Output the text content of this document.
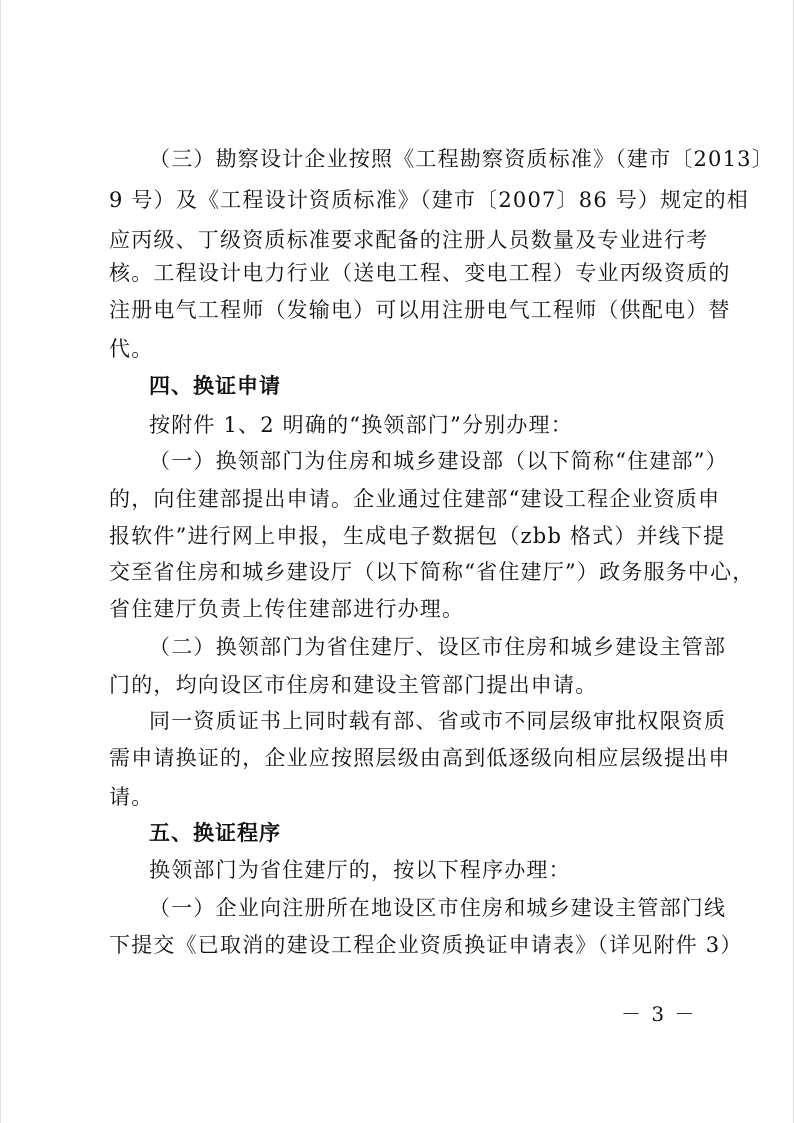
（三）勘察设计企业按照《工程勘察资质标准》（建市〔2013〕
9 号）及《工程设计资质标准》（建市〔2007〕86 号）规定的相
应丙级、丁级资质标准要求配备的注册人员数量及专业进行考
核。工程设计电力行业（送电工程、变电工程）专业丙级资质的
注册电气工程师（发输电）可以用注册电气工程师（供配电）替
代。
四、换证申请
按附件 1、2 明确的“换领部门”分别办理：
（一）换领部门为住房和城乡建设部（以下简称“住建部”）
的，向住建部提出申请。企业通过住建部“建设工程企业资质申
报软件”进行网上申报，生成电子数据包（zbb 格式）并线下提
交至省住房和城乡建设厅（以下简称“省住建厅”）政务服务中心，
省住建厅负责上传住建部进行办理。
（二）换领部门为省住建厅、设区市住房和城乡建设主管部
门的，均向设区市住房和建设主管部门提出申请。
同一资质证书上同时载有部、省或市不同层级审批权限资质
需申请换证的，企业应按照层级由高到低逐级向相应层级提出申
请。
五、换证程序
换领部门为省住建厅的，按以下程序办理：
（一）企业向注册所在地设区市住房和城乡建设主管部门线
下提交《已取消的建设工程企业资质换证申请表》（详见附件 3）
－ 3 －
